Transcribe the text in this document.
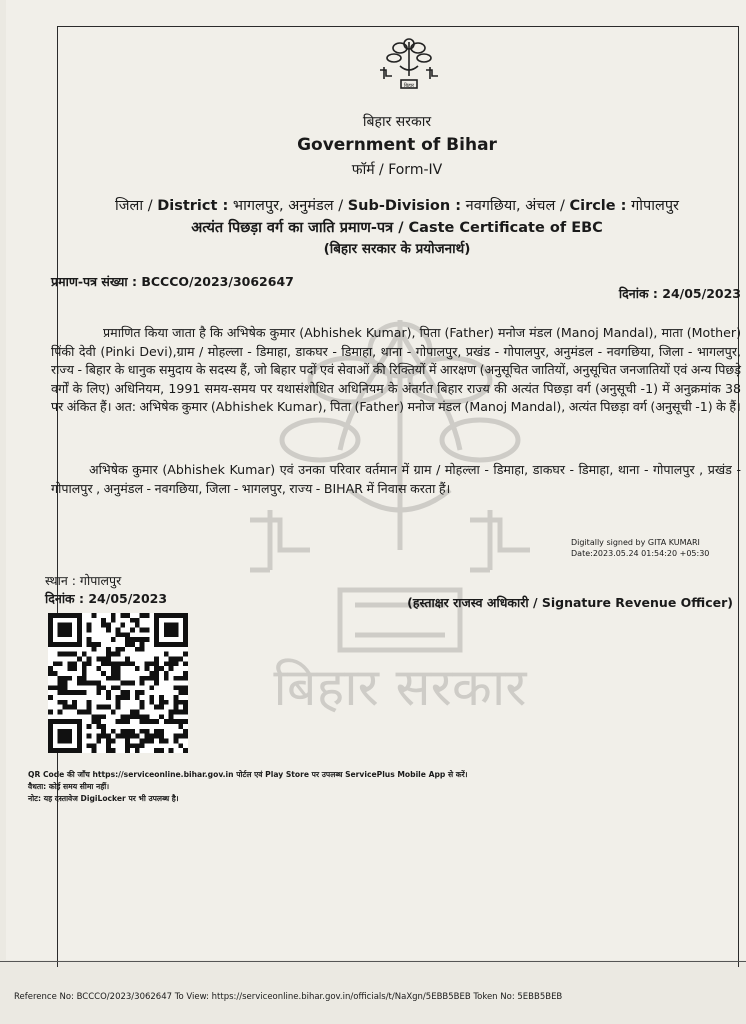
बिहार सरकार
बिहार
बिहार सरकार
Government of Bihar
फॉर्म / Form-IV
जिला / District : भागलपुर, अनुमंडल / Sub-Division : नवगछिया, अंचल / Circle : गोपालपुर
अत्यंत पिछड़ा वर्ग का जाति प्रमाण-पत्र / Caste Certificate of EBC
(बिहार सरकार के प्रयोजनार्थ)
प्रमाण-पत्र संख्या : BCCCO/2023/3062647
दिनांक : 24/05/2023
प्रमाणित किया जाता है कि अभिषेक कुमार (Abhishek Kumar), पिता (Father) मनोज मंडल (Manoj Mandal), माता (Mother) पिंकी देवी (Pinki Devi),ग्राम / मोहल्ला - डिमाहा, डाकघर - डिमाहा, थाना - गोपालपुर, प्रखंड - गोपालपुर, अनुमंडल - नवगछिया, जिला - भागलपुर, राज्य - बिहार के धानुक समुदाय के सदस्य हैं, जो बिहार पदों एवं सेवाओं की रिक्तियों में आरक्षण (अनुसूचित जातियों, अनुसूचित जनजातियों एवं अन्य पिछड़े वर्गों के लिए) अधिनियम, 1991 समय-समय पर यथासंशोधित अधिनियम के अंतर्गत बिहार राज्य की अत्यंत पिछड़ा वर्ग (अनुसूची -1) में अनुक्रमांक 38 पर अंकित हैं। अत: अभिषेक कुमार (Abhishek Kumar), पिता (Father) मनोज मंडल (Manoj Mandal), अत्यंत पिछड़ा वर्ग (अनुसूची -1) के हैं।
अभिषेक कुमार (Abhishek Kumar) एवं उनका परिवार वर्तमान में ग्राम / मोहल्ला - डिमाहा, डाकघर - डिमाहा, थाना - गोपालपुर , प्रखंड - गोपालपुर , अनुमंडल - नवगछिया, जिला - भागलपुर, राज्य - BIHAR में निवास करता हैं।
Digitally signed by GITA KUMARI
Date:2023.05.24 01:54:20 +05:30
स्थान : गोपालपुर
दिनांक : 24/05/2023	(हस्ताक्षर राजस्व अधिकारी / Signature Revenue Officer)
QR Code की जाँच https://serviceonline.bihar.gov.in पोर्टल एवं Play Store पर उपलब्ध ServicePlus Mobile App से करें।
वैधता: कोई समय सीमा नहीं।
नोट: यह दस्तावेज DigiLocker पर भी उपलब्ध है।
Reference No: BCCCO/2023/3062647 To View: https://serviceonline.bihar.gov.in/officials/t/NaXgn/5EBB5BEB Token No: 5EBB5BEB
